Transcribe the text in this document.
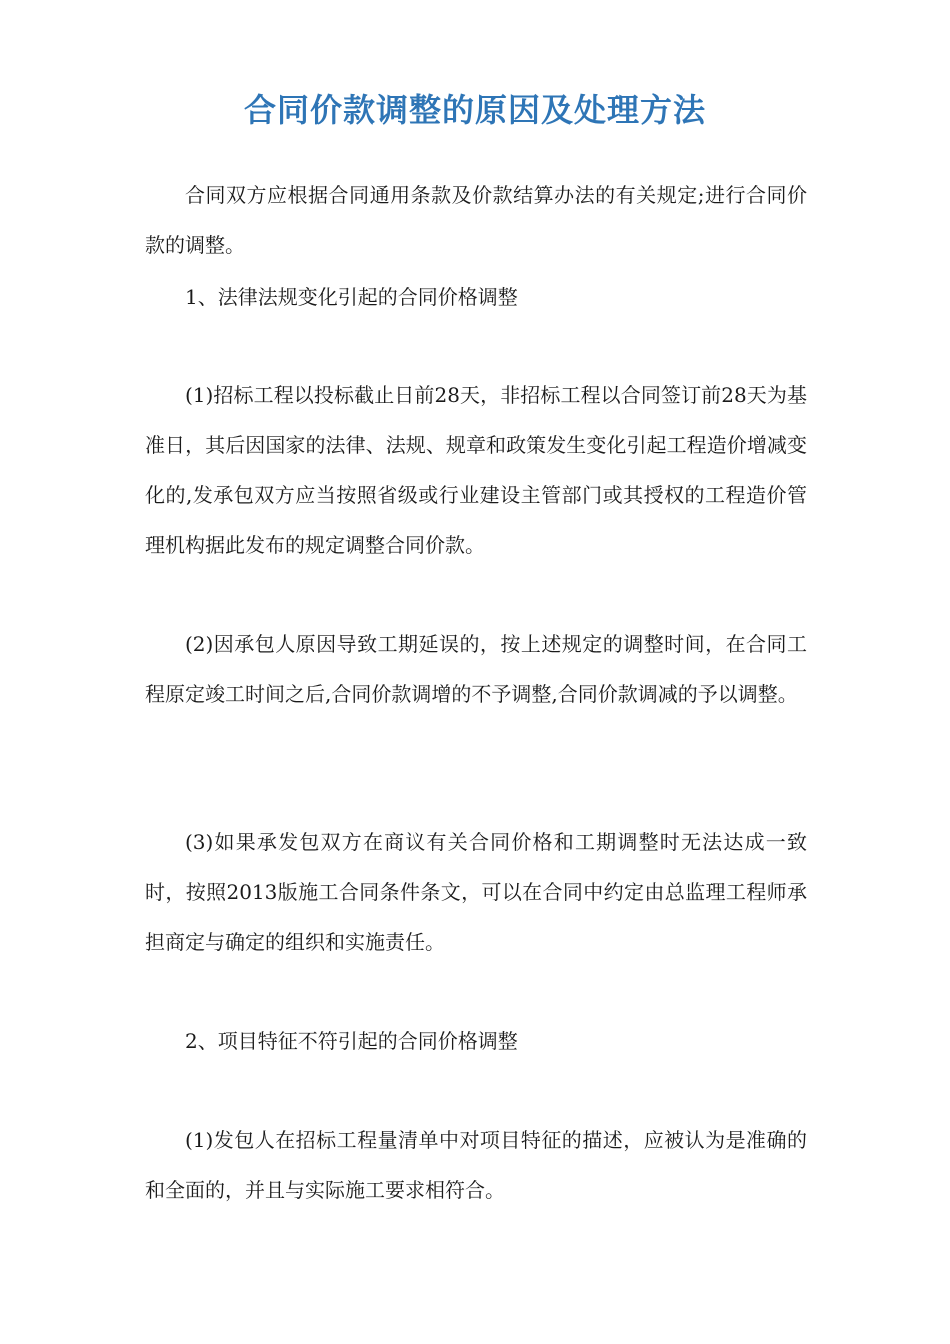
合同价款调整的原因及处理方法

合同双方应根据合同通用条款及价款结算办法的有关规定;进行合同价款的调整。

1、法律法规变化引起的合同价格调整

(1)招标工程以投标截止日前28天，非招标工程以合同签订前28天为基准日，其后因国家的法律、法规、规章和政策发生变化引起工程造价增减变化的,发承包双方应当按照省级或行业建设主管部门或其授权的工程造价管理机构据此发布的规定调整合同价款。

(2)因承包人原因导致工期延误的，按上述规定的调整时间，在合同工程原定竣工时间之后,合同价款调增的不予调整,合同价款调减的予以调整。

(3)如果承发包双方在商议有关合同价格和工期调整时无法达成一致时，按照2013版施工合同条件条文，可以在合同中约定由总监理工程师承担商定与确定的组织和实施责任。

2、项目特征不符引起的合同价格调整

(1)发包人在招标工程量清单中对项目特征的描述，应被认为是准确的和全面的，并且与实际施工要求相符合。
